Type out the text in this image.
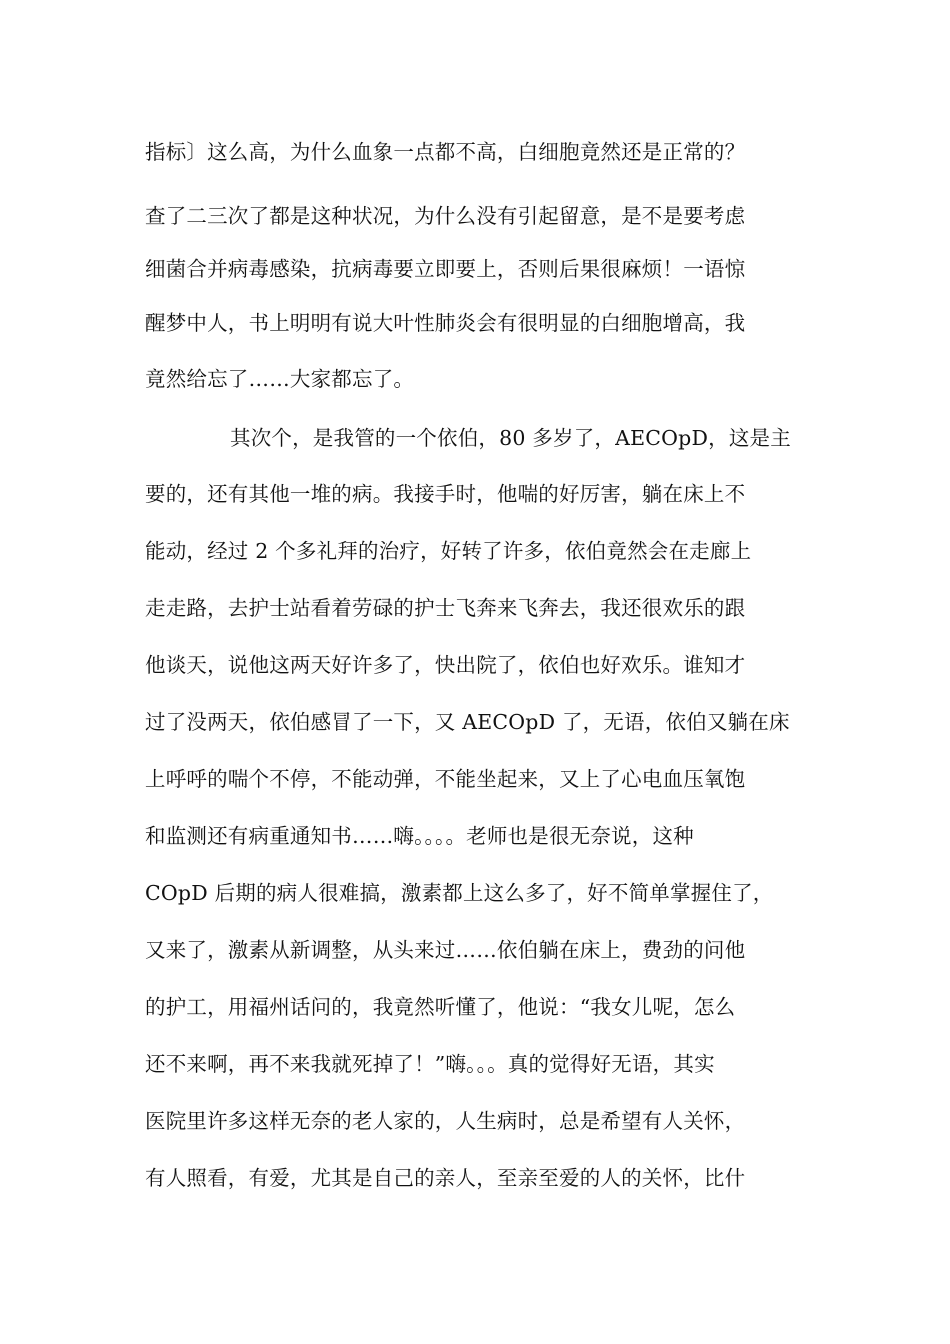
指标〕这么高，为什么血象一点都不高，白细胞竟然还是正常的？
查了二三次了都是这种状况，为什么没有引起留意，是不是要考虑
细菌合并病毒感染，抗病毒要立即要上，否则后果很麻烦！一语惊
醒梦中人，书上明明有说大叶性肺炎会有很明显的白细胞增高，我
竟然给忘了……大家都忘了。
其次个，是我管的一个依伯，80 多岁了，AECOpD，这是主
要的，还有其他一堆的病。我接手时，他喘的好厉害，躺在床上不
能动，经过 2 个多礼拜的治疗，好转了许多，依伯竟然会在走廊上
走走路，去护士站看着劳碌的护士飞奔来飞奔去，我还很欢乐的跟
他谈天，说他这两天好许多了，快出院了，依伯也好欢乐。谁知才
过了没两天，依伯感冒了一下，又 AECOpD 了，无语，依伯又躺在床
上呼呼的喘个不停，不能动弹，不能坐起来，又上了心电血压氧饱
和监测还有病重通知书……嗨。。。。老师也是很无奈说，这种
COpD 后期的病人很难搞，激素都上这么多了，好不简单掌握住了，
又来了，激素从新调整，从头来过……依伯躺在床上，费劲的问他
的护工，用福州话问的，我竟然听懂了，他说：“我女儿呢，怎么
还不来啊，再不来我就死掉了！”嗨。。。真的觉得好无语，其实
医院里许多这样无奈的老人家的，人生病时，总是希望有人关怀，
有人照看，有爱，尤其是自己的亲人，至亲至爱的人的关怀，比什
